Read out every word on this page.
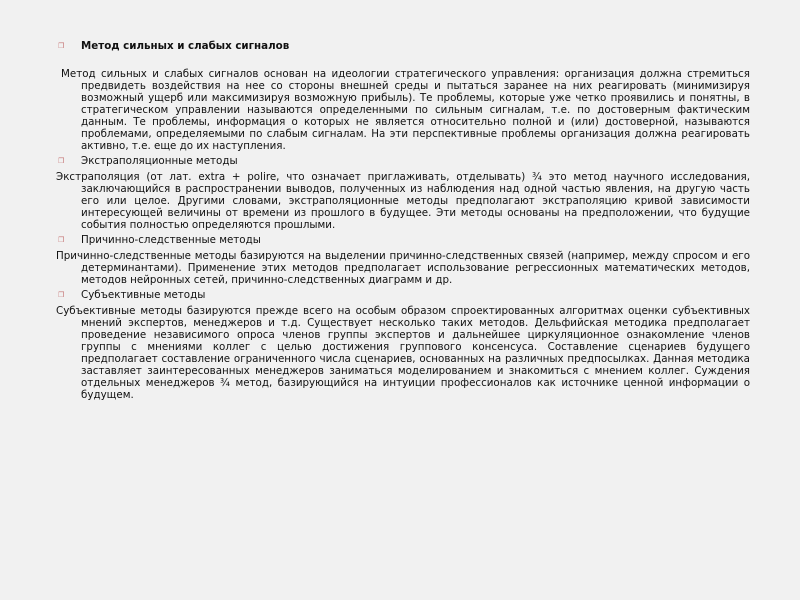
❒ Метод сильных и слабых сигналов

Метод сильных и слабых сигналов основан на идеологии стратегического управления: организация должна стремиться предвидеть воздействия на нее со стороны внешней среды и пытаться заранее на них реагировать (минимизируя возможный ущерб или максимизируя возможную прибыль). Те проблемы, которые уже четко проявились и понятны, в стратегическом управлении называются определенными по сильным сигналам, т.е. по достоверным фактическим данным. Те проблемы, информация о которых не является относительно полной и (или) достоверной, называются проблемами, определяемыми по слабым сигналам. На эти перспективные проблемы организация должна реагировать активно, т.е. еще до их наступления.

❒ Экстраполяционные методы

Экстраполяция (от лат. extra + polire, что означает приглаживать, отделывать) ¾ это метод научного исследования, заключающийся в распространении выводов, полученных из наблюдения над одной частью явления, на другую часть его или целое. Другими словами, экстраполяционные методы предполагают экстраполяцию кривой зависимости интересующей величины от времени из прошлого в будущее. Эти методы основаны на предположении, что будущие события полностью определяются прошлыми.

❒ Причинно-следственные методы

Причинно-следственные методы базируются на выделении причинно-следственных связей (например, между спросом и его детерминантами). Применение этих методов предполагает использование регрессионных математических методов, методов нейронных сетей, причинно-следственных диаграмм и др.

❒ Субъективные методы

Субъективные методы базируются прежде всего на особым образом спроектированных алгоритмах оценки субъективных мнений экспертов, менеджеров и т.д. Существует несколько таких методов. Дельфийская методика предполагает проведение независимого опроса членов группы экспертов и дальнейшее циркуляционное ознакомление членов группы с мнениями коллег с целью достижения группового консенсуса. Составление сценариев будущего предполагает составление ограниченного числа сценариев, основанных на различных предпосылках. Данная методика заставляет заинтересованных менеджеров заниматься моделированием и знакомиться с мнением коллег. Суждения отдельных менеджеров ¾ метод, базирующийся на интуиции профессионалов как источнике ценной информации о будущем.
